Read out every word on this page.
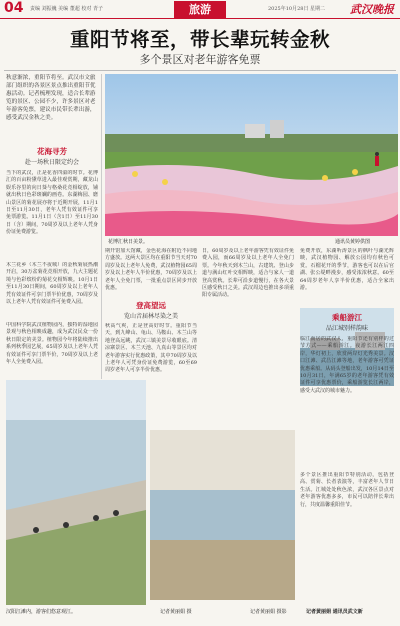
04 责编 刘振巍 美编 董超 校对 青子	旅游	2025年10月28日 星期二 武汉晚报
重阳节将至，带长辈玩转金秋
多个景区对老年游客免票
秋意渐浓，重阳节将至。武汉市文旅部门组织的各景区景点推出重阳节优惠活动。记者梳理发现，适合长辈游览的景区、公园不少，许多景区对老年游客免票，建议市民带长辈出游，感受武汉金秋之美。
花博汇秋日美景。	通讯员黄婷供图
花海寻芳
赴一场秋日限定约会
当下的武汉，正是花香四溢的时节。花博汇的百亩粉黛草进入最佳观赏期，藏龙山娱乐谷里的向日葵与格桑花竞相绽放，铺就出秋日色彩斑斓的画卷。东湖梅园、磨山景区的菊花展亦将于近期开展，11月1日至11月30日，老年人凭有效证件可享免票游览。11月1日（含1日）至11月30日（含）期间，70周岁及以上老年人凭身份证免费游览。
木兰花乡（木兰不夜城）的金秋菊展热潮开启，30万盆菊花竞相开放，九大主题花境与色彩缤纷的菊花交相辉映。10月1日至11月30日期间，60周岁及以上老年人凭有效证件可享门票半价优惠，70周岁及以上老年人凭有效证件可免费入园。
中国科学院武汉植物园内，独特的湿地园景观与秋色相映成趣，成为武汉民众一份秋日限定的美景。植物园今年将陆续推出系列秋季园艺展，65周岁及以上老年人凭有效证件可享门票半价，70周岁及以上老年人全免费入园。
期开馆加大馆藏，金色花海在附近不同地方盛放。这两大景区均在重阳节当天对70周岁及以上老年人免费，武汉植物园65周岁及以上老年人半价优惠，70周岁及以上老年人全免门票，一批重点景区同步开放优惠。
登高望远
览山音届林尽染之美
秋高气爽，正是登高好时节。重阳节当天，到九峰山、龟山、马鞍山、木兰山等地登高远眺，武汉三镇美景尽收眼底。清凉寨景区、木兰天池、九真山等景区均对老年游客实行优惠政策，其中70周岁及以上老年人可凭身份证免费游览，60至69周岁老年人可享半价优惠。
日，60周岁及以上老年游客凭有效证件免费入园，而66周岁及以上老年人全免门票。今年秋天到木兰山，古建筑、登山步道与满山红叶交相辉映，适合与家人一道登高赏秋。长辈可沿步道慢行，在各大景区感受秋日之美。武汉周边也推出多项重阳专属活动。
免费开放，东湖听涛景区的枫叶与湖光辉映，武汉植物园、解放公园均有秋色可赏。石榴花开的季节，游客也可以在后官湖、张公堤畔漫步，感受浓浓秋意。60至64周岁老年人享半价优惠，适合全家出游。
乘船游江
品江城别样韵味
临江而居的武汉人，重阳节还有别样的过节方式——乘船游江。夜游长江两江四岸，华灯初上，欣赏两岸灯光秀美景。汉口江滩、武昌江滩等地，老年游客可凭证优惠乘船。从码头登船出发，10月14日至10月31日，年满65岁的老年游客凭有效证件可享优惠票价，乘船游览长江两岸，感受大武汉的城市魅力。
多个景区推出重阳节特别活动，包括登高、赏菊、长者表演等，丰富老年人节日生活。江城处处秋色浓，武汉各区景点对老年游客优惠多多，市民可以陪伴长辈出行，共度温馨重阳佳节。
记者黄丽娟 通讯员武文新
汉阳江滩内，游客们悠意观江。	记者黄丽娟 摄	记者黄丽娟 摄影
